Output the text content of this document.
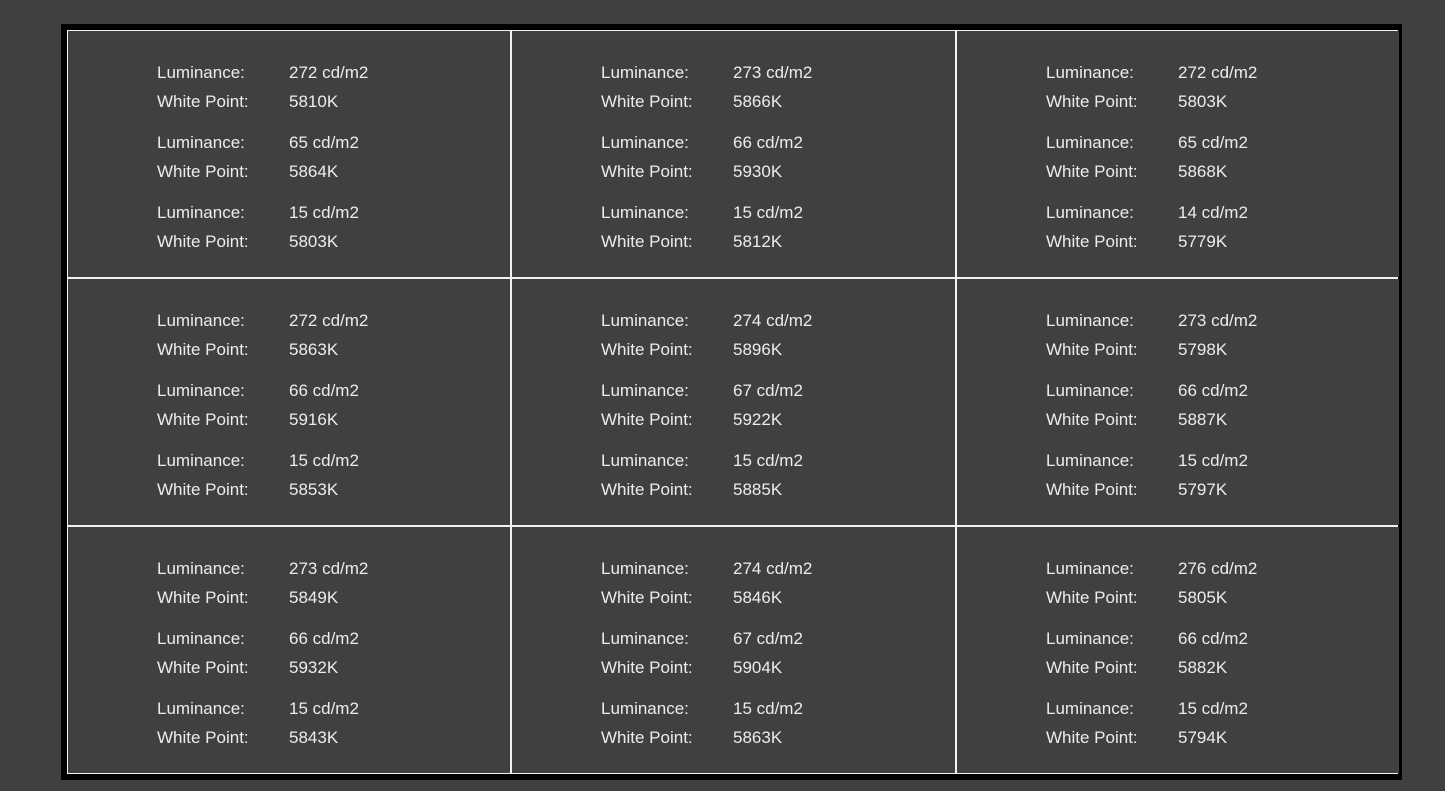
Luminance:	272 cd/m2
White Point:	5810K
Luminance:	65 cd/m2
White Point:	5864K
Luminance:	15 cd/m2
White Point:	5803K
Luminance:	273 cd/m2
White Point:	5866K
Luminance:	66 cd/m2
White Point:	5930K
Luminance:	15 cd/m2
White Point:	5812K
Luminance:	272 cd/m2
White Point:	5803K
Luminance:	65 cd/m2
White Point:	5868K
Luminance:	14 cd/m2
White Point:	5779K
Luminance:	272 cd/m2
White Point:	5863K
Luminance:	66 cd/m2
White Point:	5916K
Luminance:	15 cd/m2
White Point:	5853K
Luminance:	274 cd/m2
White Point:	5896K
Luminance:	67 cd/m2
White Point:	5922K
Luminance:	15 cd/m2
White Point:	5885K
Luminance:	273 cd/m2
White Point:	5798K
Luminance:	66 cd/m2
White Point:	5887K
Luminance:	15 cd/m2
White Point:	5797K
Luminance:	273 cd/m2
White Point:	5849K
Luminance:	66 cd/m2
White Point:	5932K
Luminance:	15 cd/m2
White Point:	5843K
Luminance:	274 cd/m2
White Point:	5846K
Luminance:	67 cd/m2
White Point:	5904K
Luminance:	15 cd/m2
White Point:	5863K
Luminance:	276 cd/m2
White Point:	5805K
Luminance:	66 cd/m2
White Point:	5882K
Luminance:	15 cd/m2
White Point:	5794K
